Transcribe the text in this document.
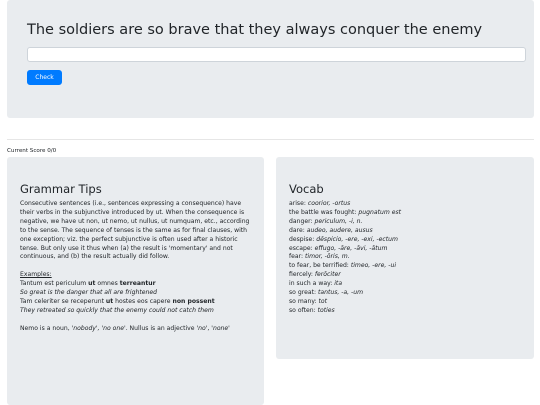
The soldiers are so brave that they always conquer the enemy
Check
Current Score 0/0
Grammar Tips

Consecutive sentences (i.e., sentences expressing a consequence) have their verbs in the subjunctive introduced by ut. When the consequence is negative, we have ut non, ut nemo, ut nullus, ut numquam, etc., according to the sense. The sequence of tenses is the same as for final clauses, with one exception; viz. the perfect subjunctive is often used after a historic tense. But only use it thus when (a) the result is 'momentary' and not continuous, and (b) the result actually did follow.

Examples:
Tantum est periculum ut omnes terreantur
So great is the danger that all are frightened
Tam celeriter se receperunt ut hostes eos capere non possent
They retreated so quickly that the enemy could not catch them
Nemo is a noun, 'nobody', 'no one'. Nullus is an adjective 'no', 'none'
Vocab
arise: coorior, -ortus
the battle was fought: pugnatum est
danger: periculum, -i, n.
dare: audeo, audere, ausus
despise: dēspicio, -ere, -exi, -ectum
escape: effugo, -āre, -āvi, -ātum
fear: timor, -ōris, m.
to fear, be terrified: timeo, -ere, -ui
fiercely: ferōciter
in such a way: ita
so great: tantus, -a, -um
so many: tot
so often: toties
